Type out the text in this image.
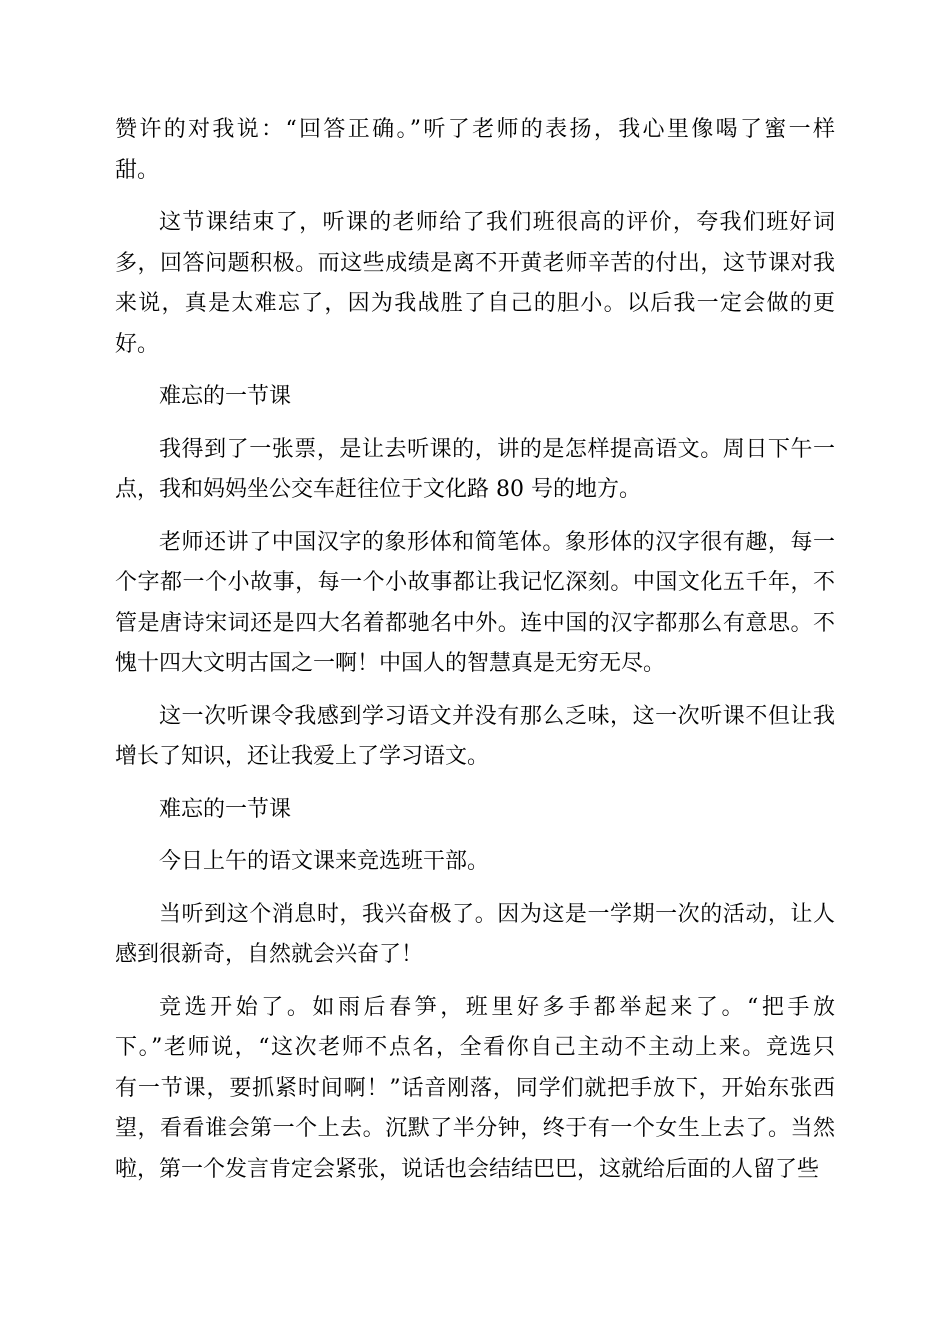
赞许的对我说：“回答正确。”听了老师的表扬，我心里像喝了蜜一样
甜。
这节课结束了，听课的老师给了我们班很高的评价，夸我们班好词
多，回答问题积极。而这些成绩是离不开黄老师辛苦的付出，这节课对我
来说，真是太难忘了，因为我战胜了自己的胆小。以后我一定会做的更
好。
难忘的一节课
我得到了一张票，是让去听课的，讲的是怎样提高语文。周日下午一
点，我和妈妈坐公交车赶往位于文化路 80 号的地方。
老师还讲了中国汉字的象形体和简笔体。象形体的汉字很有趣，每一
个字都一个小故事，每一个小故事都让我记忆深刻。中国文化五千年，不
管是唐诗宋词还是四大名着都驰名中外。连中国的汉字都那么有意思。不
愧十四大文明古国之一啊！中国人的智慧真是无穷无尽。
这一次听课令我感到学习语文并没有那么乏味，这一次听课不但让我
增长了知识，还让我爱上了学习语文。
难忘的一节课
今日上午的语文课来竞选班干部。
当听到这个消息时，我兴奋极了。因为这是一学期一次的活动，让人
感到很新奇，自然就会兴奋了！
竞选开始了。如雨后春笋，班里好多手都举起来了。“把手放
下。”老师说，“这次老师不点名，全看你自己主动不主动上来。竞选只
有一节课，要抓紧时间啊！”话音刚落，同学们就把手放下，开始东张西
望，看看谁会第一个上去。沉默了半分钟，终于有一个女生上去了。当然
啦，第一个发言肯定会紧张，说话也会结结巴巴，这就给后面的人留了些
